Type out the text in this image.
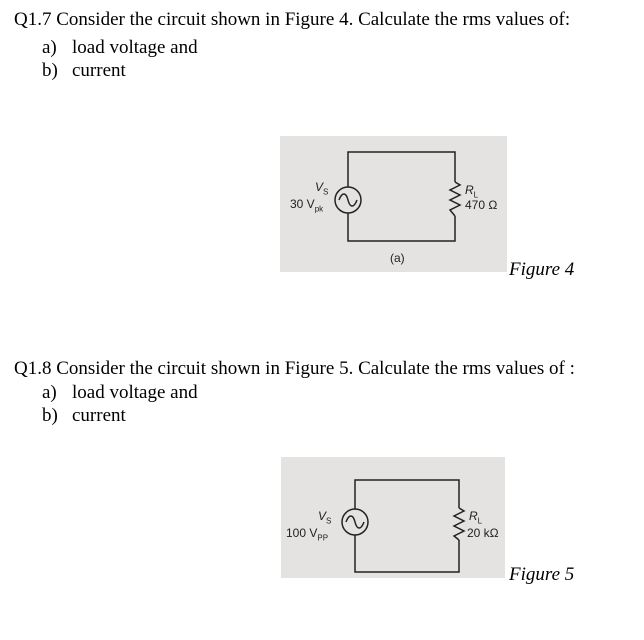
Q1.7 Consider the circuit shown in Figure 4. Calculate the rms values of:
a) load voltage and
b) current
$V_S$
30 $V_{pk}$
$R_L$
470 Ω
(a)
Figure 4
Q1.8 Consider the circuit shown in Figure 5. Calculate the rms values of :
a) load voltage and
b) current
$V_S$
100 $V_{PP}$
$R_L$
20 kΩ
Figure 5
